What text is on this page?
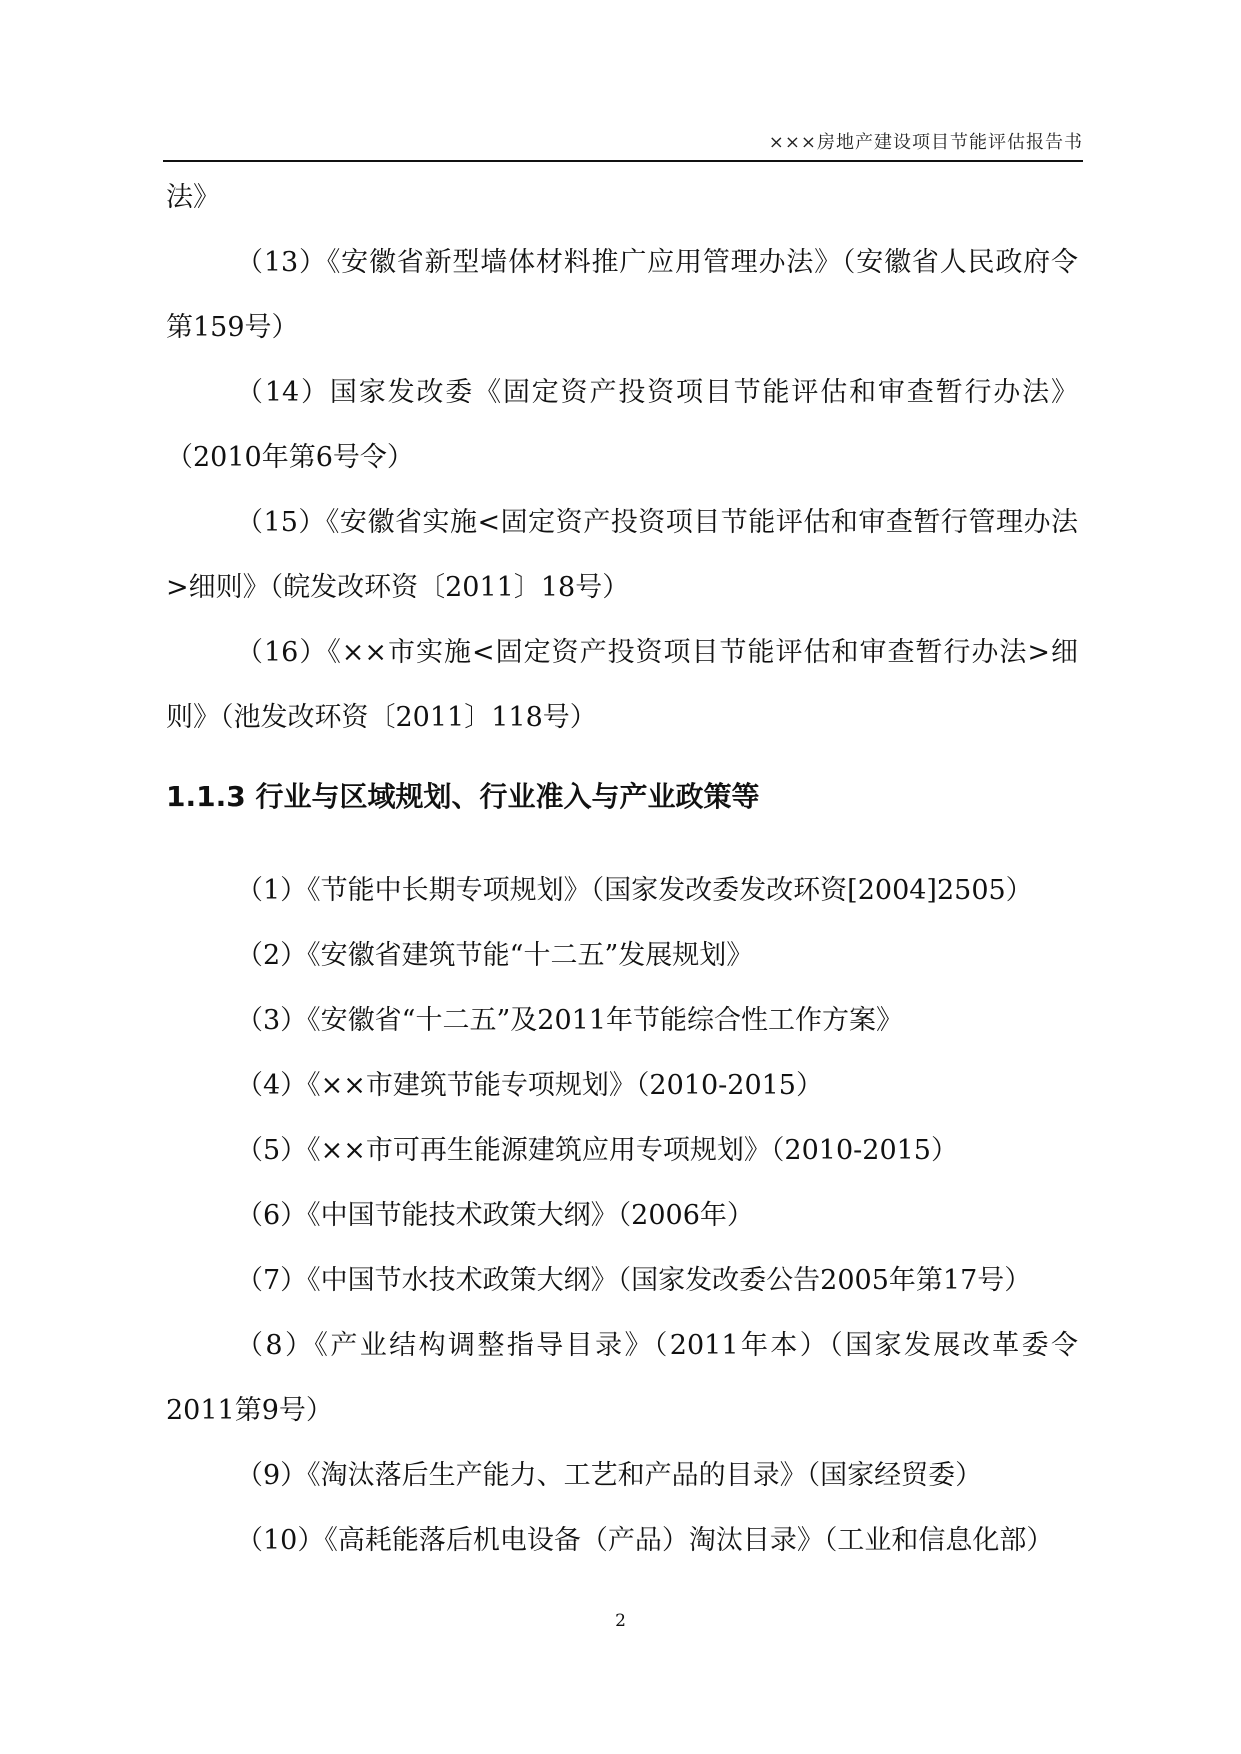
×××房地产建设项目节能评估报告书

法》

（13）《安徽省新型墙体材料推广应用管理办法》（安徽省人民政府令第159号）

（14）国家发改委《固定资产投资项目节能评估和审查暂行办法》（2010年第6号令）

（15）《安徽省实施<固定资产投资项目节能评估和审查暂行管理办法>细则》（皖发改环资〔2011〕18号）

（16）《××市实施<固定资产投资项目节能评估和审查暂行办法>细则》（池发改环资〔2011〕118号）

1.1.3 行业与区域规划、行业准入与产业政策等

（1）《节能中长期专项规划》（国家发改委发改环资[2004]2505）

（2）《安徽省建筑节能“十二五”发展规划》

（3）《安徽省“十二五”及2011年节能综合性工作方案》

（4）《××市建筑节能专项规划》（2010-2015）

（5）《××市可再生能源建筑应用专项规划》（2010-2015）

（6）《中国节能技术政策大纲》（2006年）

（7）《中国节水技术政策大纲》（国家发改委公告2005年第17号）

（8）《产业结构调整指导目录》（2011年本）（国家发展改革委令2011第9号）

（9）《淘汰落后生产能力、工艺和产品的目录》（国家经贸委）

（10）《高耗能落后机电设备（产品）淘汰目录》（工业和信息化部）

2
